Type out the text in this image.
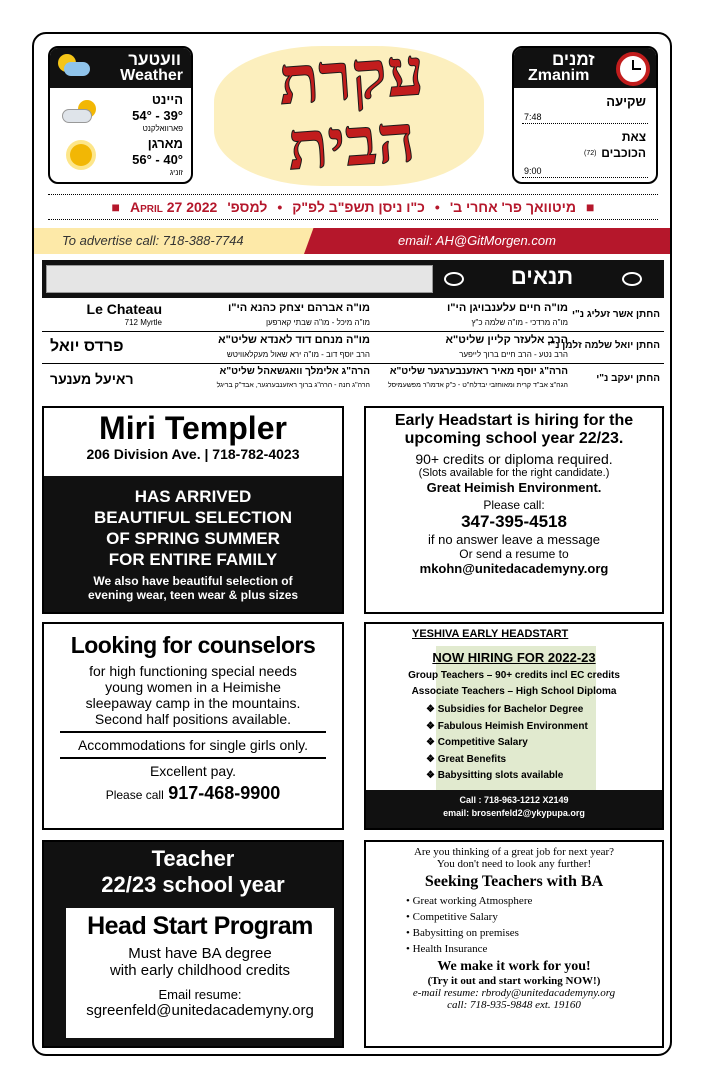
וועטער
Weather
היינט
54° - 39°
פארוואלקנט
מארגן
56° - 40°
זוניג
עקרת
הבית
זמנים
Zmanim
שקיעה
7:48
צאת
הכוכבים
(72)
9:00
■ April 27 2022 למספ' • כ"ו ניסן תשפ"ב לפ"ק • מיטוואך פר' אחרי ב' ■
To advertise call: 718-388-7744	email: AH@GitMorgen.com
תנאים
החתן אשר זעליג נ"י
מו"ה חיים עלענבויגן הי"ו
מו"ה מרדכי - מו"ה שלמה כ"ץ
מו"ה אברהם יצחק כהנא הי"ו
מו"ה מיכל - מו"ה שבתי קארפען
Le Chateau
712 Myrtle
החתן יואל שלמה זלמן נ"י
הרב אלעזר קליין שליט"א
הרב נטע - הרב חיים ברוך לייפער
מו"ה מנחם דוד לאנדא שליט"א
הרב יוסף דוב - מו"ה ירא שאול מעקלאוויטש
פרדס יואל
החתן יעקב נ"י
הרה"ג יוסף מאיר ראזענבערגער שליט"א
הגה"צ אב"ד קרית ומאוחזבי יבדלח"ט - כ"ק אדמו"ר מפשעמיסל
הרה"ג אלימלך וואגשאהל שליט"א
הרה"ג חנה - הרה"ג ברוך ראזענבערגער, אבד"ק בריגל
ראיעל מענער
Miri Templer
206 Division Ave. | 718-782-4023
HAS ARRIVED
BEAUTIFUL SELECTION
OF SPRING SUMMER
FOR ENTIRE FAMILY
We also have beautiful selection of
evening wear, teen wear & plus sizes
Early Headstart is hiring for the
upcoming school year 22/23.
90+ credits or diploma required.
(Slots available for the right candidate.)
Great Heimish Environment.
Please call:
347-395-4518
if no answer leave a message
Or send a resume to
mkohn@unitedacademyny.org
Looking for counselors
for high functioning special needs
young women in a Heimishe
sleepaway camp in the mountains.
Second half positions available.
Accommodations for single girls only.
Excellent pay.
Please call 917-468-9900
YESHIVA EARLY HEADSTART
NOW HIRING FOR 2022-23
Group Teachers – 90+ credits incl EC credits
Associate Teachers – High School Diploma
❖ Subsidies for Bachelor Degree
❖ Fabulous Heimish Environment
❖ Competitive Salary
❖ Great Benefits
❖ Babysitting slots available
Call : 718-963-1212 X2149
email: brosenfeld2@ykypupa.org
Teacher
22/23 school year
Head Start Program
Must have BA degree
with early childhood credits
Email resume:
sgreenfeld@unitedacademyny.org
Are you thinking of a great job for next year?
You don't need to look any further!
Seeking Teachers with BA
• Great working Atmosphere
• Competitive Salary
• Babysitting on premises
• Health Insurance
We make it work for you!
(Try it out and start working NOW!)
e-mail resume: rbrody@unitedacademyny.org
call: 718-935-9848 ext. 19160
